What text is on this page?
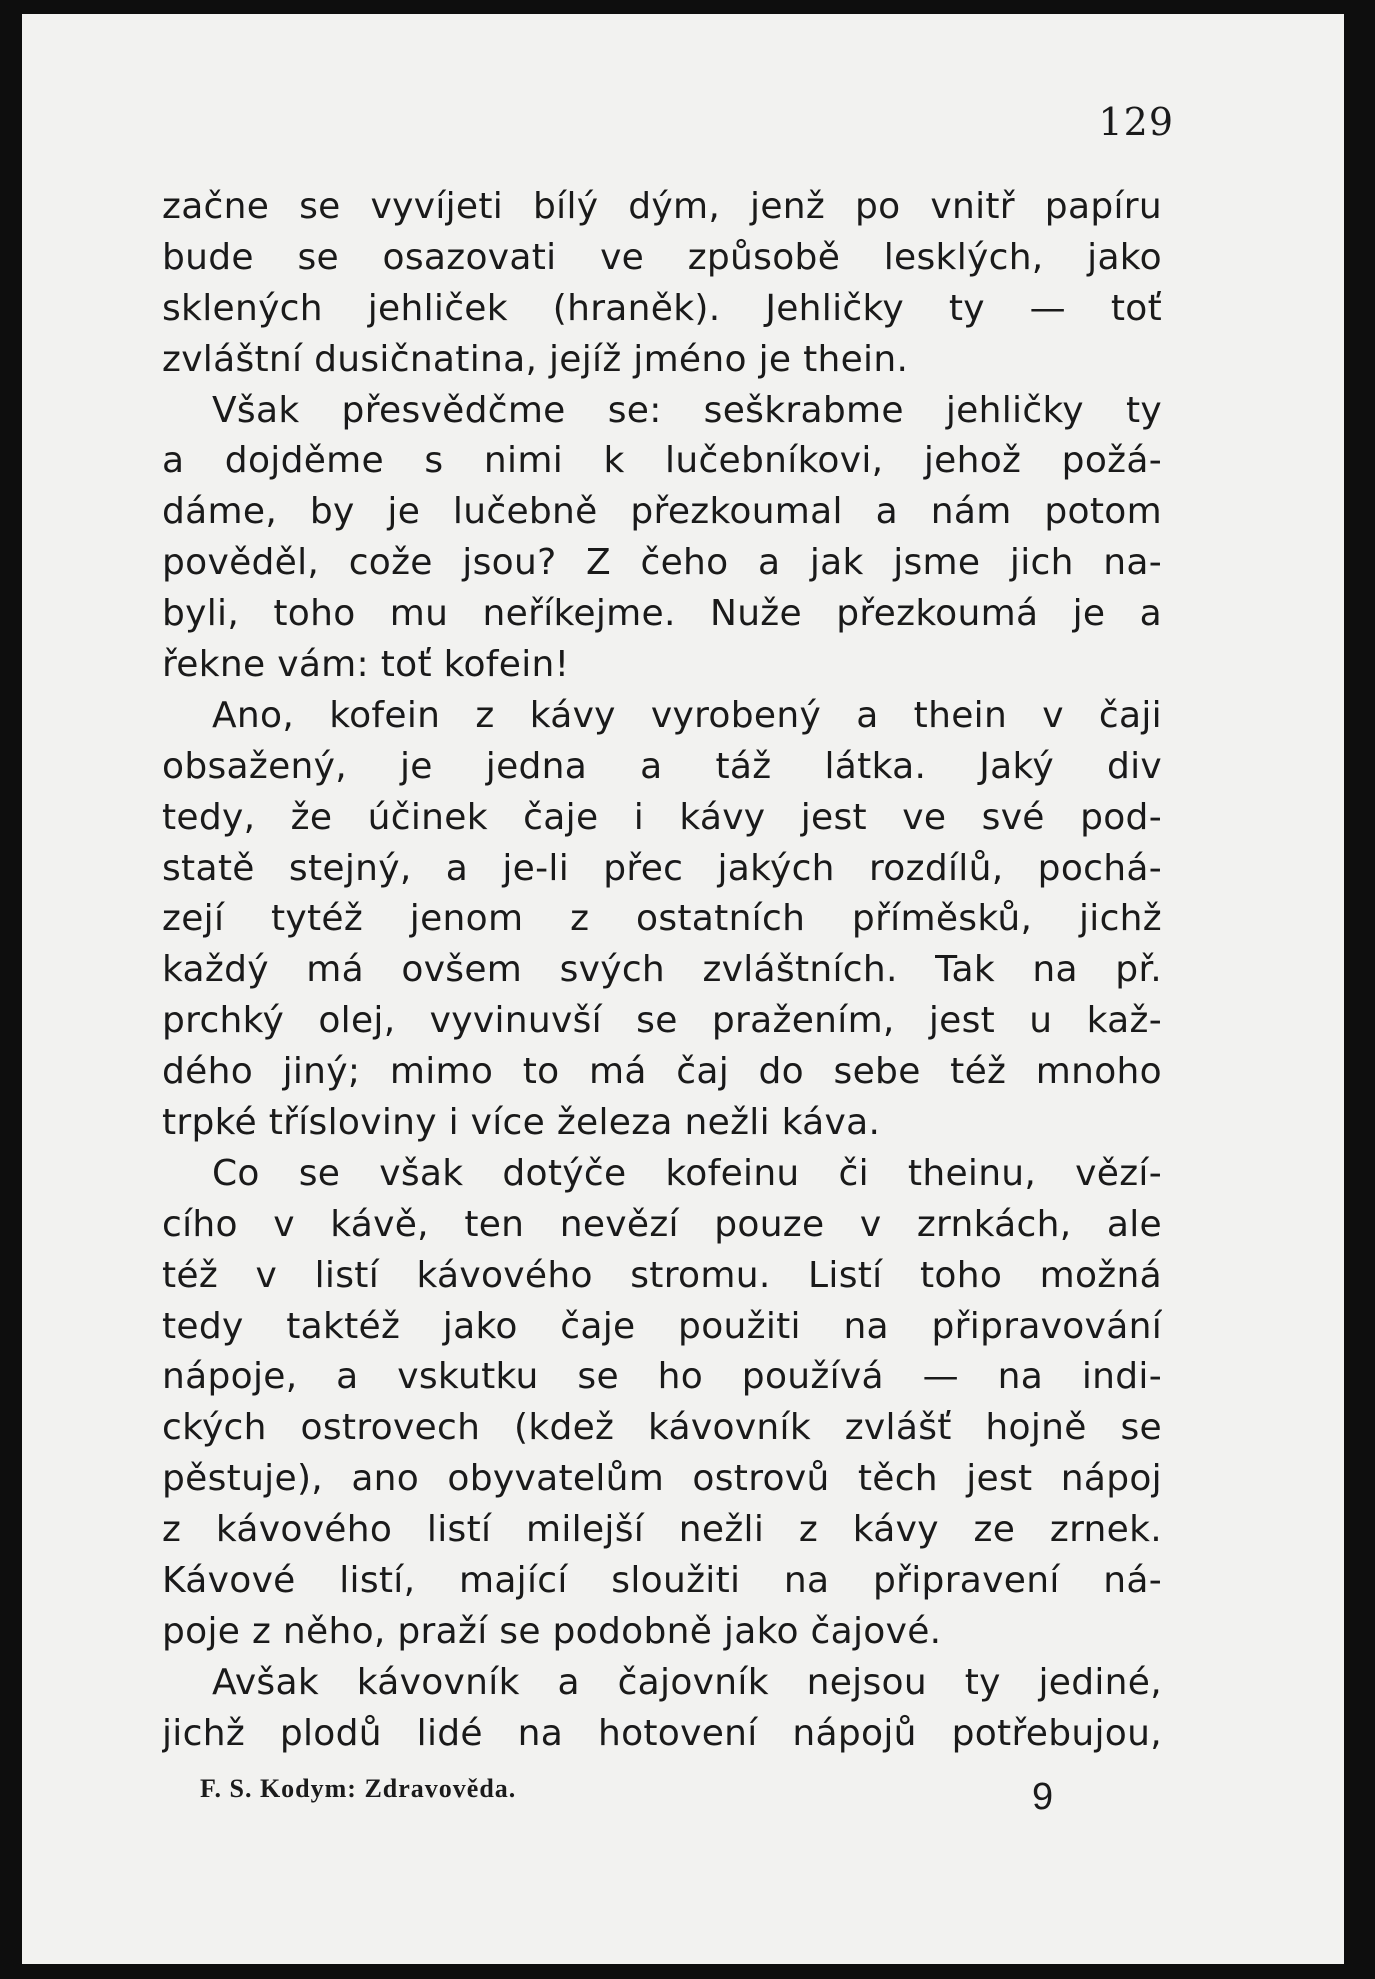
129
začne se vyvíjeti bílý dým, jenž po vnitř papíru
bude se osazovati ve způsobě lesklých, jako
sklených jehliček (hraněk). Jehličky ty — toť
zvláštní dusičnatina, jejíž jméno je thein.
Však přesvědčme se: seškrabme jehličky ty
a dojděme s nimi k lučebníkovi, jehož požá-
dáme, by je lučebně přezkoumal a nám potom
pověděl, cože jsou? Z čeho a jak jsme jich na-
byli, toho mu neříkejme. Nuže přezkoumá je a
řekne vám: toť kofein!
Ano, kofein z kávy vyrobený a thein v čaji
obsažený, je jedna a táž látka. Jaký div
tedy, že účinek čaje i kávy jest ve své pod-
statě stejný, a je-li přec jakých rozdílů, pochá-
zejí tytéž jenom z ostatních příměsků, jichž
každý má ovšem svých zvláštních. Tak na př.
prchký olej, vyvinuvší se pražením, jest u kaž-
dého jiný; mimo to má čaj do sebe též mnoho
trpké třísloviny i více železa nežli káva.
Co se však dotýče kofeinu či theinu, vězí-
cího v kávě, ten nevězí pouze v zrnkách, ale
též v listí kávového stromu. Listí toho možná
tedy taktéž jako čaje použiti na připravování
nápoje, a vskutku se ho používá — na indi-
ckých ostrovech (kdež kávovník zvlášť hojně se
pěstuje), ano obyvatelům ostrovů těch jest nápoj
z kávového listí milejší nežli z kávy ze zrnek.
Kávové listí, mající sloužiti na připravení ná-
poje z něho, praží se podobně jako čajové.
Avšak kávovník a čajovník nejsou ty jediné,
jichž plodů lidé na hotovení nápojů potřebujou,
F. S. Kodym: Zdravověda.	9
